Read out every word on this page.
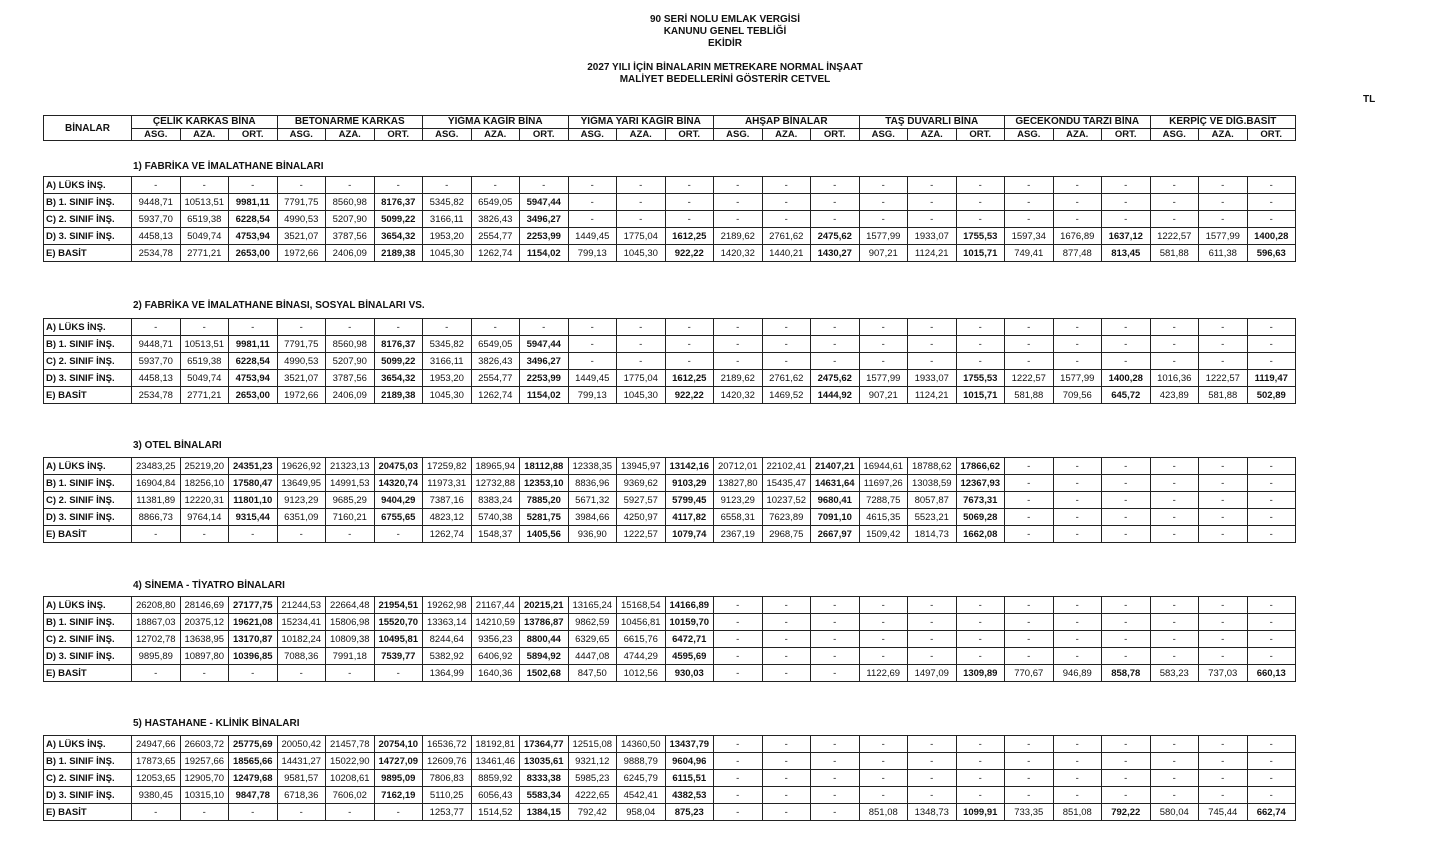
90 SERİ NOLU EMLAK VERGİSİ
KANUNU GENEL TEBLİĞİ
EKİDİR
2027 YILI İÇİN BİNALARIN METREKARE NORMAL İNŞAAT
MALİYET BEDELLERİNİ GÖSTERİR CETVEL
TL
BİNALAR	ÇELİK KARKAS BİNA			BETONARME KARKAS			YIĞMA KAGİR BİNA			YIĞMA YARI KAGİR BİNA			AHŞAP BİNALAR			TAŞ DUVARLI BİNA			GECEKONDU TARZI BİNA			KERPİÇ VE DİĞ.BASİT		
	ASG.	AZA.	ORT.	ASG.	AZA.	ORT.	ASG.	AZA.	ORT.	ASG.	AZA.	ORT.	ASG.	AZA.	ORT.	ASG.	AZA.	ORT.	ASG.	AZA.	ORT.	ASG.	AZA.	ORT.
1) FABRİKA VE İMALATHANE BİNALARI
A) LÜKS İNŞ.	-	-	-	-	-	-	-	-	-	-	-	-	-	-	-	-	-	-	-	-	-	-	-	-
B) 1. SINIF İNŞ.	9448,71	10513,51	9981,11	7791,75	8560,98	8176,37	5345,82	6549,05	5947,44	-	-	-	-	-	-	-	-	-	-	-	-	-	-	-
C) 2. SINIF İNŞ.	5937,70	6519,38	6228,54	4990,53	5207,90	5099,22	3166,11	3826,43	3496,27	-	-	-	-	-	-	-	-	-	-	-	-	-	-	-
D) 3. SINIF İNŞ.	4458,13	5049,74	4753,94	3521,07	3787,56	3654,32	1953,20	2554,77	2253,99	1449,45	1775,04	1612,25	2189,62	2761,62	2475,62	1577,99	1933,07	1755,53	1597,34	1676,89	1637,12	1222,57	1577,99	1400,28
E) BASİT	2534,78	2771,21	2653,00	1972,66	2406,09	2189,38	1045,30	1262,74	1154,02	799,13	1045,30	922,22	1420,32	1440,21	1430,27	907,21	1124,21	1015,71	749,41	877,48	813,45	581,88	611,38	596,63
2) FABRİKA VE İMALATHANE BİNASI, SOSYAL BİNALARI VS.
A) LÜKS İNŞ.	-	-	-	-	-	-	-	-	-	-	-	-	-	-	-	-	-	-	-	-	-	-	-	-
B) 1. SINIF İNŞ.	9448,71	10513,51	9981,11	7791,75	8560,98	8176,37	5345,82	6549,05	5947,44	-	-	-	-	-	-	-	-	-	-	-	-	-	-	-
C) 2. SINIF İNŞ.	5937,70	6519,38	6228,54	4990,53	5207,90	5099,22	3166,11	3826,43	3496,27	-	-	-	-	-	-	-	-	-	-	-	-	-	-	-
D) 3. SINIF İNŞ.	4458,13	5049,74	4753,94	3521,07	3787,56	3654,32	1953,20	2554,77	2253,99	1449,45	1775,04	1612,25	2189,62	2761,62	2475,62	1577,99	1933,07	1755,53	1222,57	1577,99	1400,28	1016,36	1222,57	1119,47
E) BASİT	2534,78	2771,21	2653,00	1972,66	2406,09	2189,38	1045,30	1262,74	1154,02	799,13	1045,30	922,22	1420,32	1469,52	1444,92	907,21	1124,21	1015,71	581,88	709,56	645,72	423,89	581,88	502,89
3) OTEL BİNALARI
A) LÜKS İNŞ.	23483,25	25219,20	24351,23	19626,92	21323,13	20475,03	17259,82	18965,94	18112,88	12338,35	13945,97	13142,16	20712,01	22102,41	21407,21	16944,61	18788,62	17866,62	-	-	-	-	-	-
B) 1. SINIF İNŞ.	16904,84	18256,10	17580,47	13649,95	14991,53	14320,74	11973,31	12732,88	12353,10	8836,96	9369,62	9103,29	13827,80	15435,47	14631,64	11697,26	13038,59	12367,93	-	-	-	-	-	-
C) 2. SINIF İNŞ.	11381,89	12220,31	11801,10	9123,29	9685,29	9404,29	7387,16	8383,24	7885,20	5671,32	5927,57	5799,45	9123,29	10237,52	9680,41	7288,75	8057,87	7673,31	-	-	-	-	-	-
D) 3. SINIF İNŞ.	8866,73	9764,14	9315,44	6351,09	7160,21	6755,65	4823,12	5740,38	5281,75	3984,66	4250,97	4117,82	6558,31	7623,89	7091,10	4615,35	5523,21	5069,28	-	-	-	-	-	-
E) BASİT	-	-	-	-	-	-	1262,74	1548,37	1405,56	936,90	1222,57	1079,74	2367,19	2968,75	2667,97	1509,42	1814,73	1662,08	-	-	-	-	-	-
4) SİNEMA - TİYATRO BİNALARI
A) LÜKS İNŞ.	26208,80	28146,69	27177,75	21244,53	22664,48	21954,51	19262,98	21167,44	20215,21	13165,24	15168,54	14166,89	-	-	-	-	-	-	-	-	-	-	-	-
B) 1. SINIF İNŞ.	18867,03	20375,12	19621,08	15234,41	15806,98	15520,70	13363,14	14210,59	13786,87	9862,59	10456,81	10159,70	-	-	-	-	-	-	-	-	-	-	-	-
C) 2. SINIF İNŞ.	12702,78	13638,95	13170,87	10182,24	10809,38	10495,81	8244,64	9356,23	8800,44	6329,65	6615,76	6472,71	-	-	-	-	-	-	-	-	-	-	-	-
D) 3. SINIF İNŞ.	9895,89	10897,80	10396,85	7088,36	7991,18	7539,77	5382,92	6406,92	5894,92	4447,08	4744,29	4595,69	-	-	-	-	-	-	-	-	-	-	-	-
E) BASİT	-	-	-	-	-	-	1364,99	1640,36	1502,68	847,50	1012,56	930,03	-	-	-	1122,69	1497,09	1309,89	770,67	946,89	858,78	583,23	737,03	660,13
5) HASTAHANE - KLİNİK BİNALARI
A) LÜKS İNŞ.	24947,66	26603,72	25775,69	20050,42	21457,78	20754,10	16536,72	18192,81	17364,77	12515,08	14360,50	13437,79	-	-	-	-	-	-	-	-	-	-	-	-
B) 1. SINIF İNŞ.	17873,65	19257,66	18565,66	14431,27	15022,90	14727,09	12609,76	13461,46	13035,61	9321,12	9888,79	9604,96	-	-	-	-	-	-	-	-	-	-	-	-
C) 2. SINIF İNŞ.	12053,65	12905,70	12479,68	9581,57	10208,61	9895,09	7806,83	8859,92	8333,38	5985,23	6245,79	6115,51	-	-	-	-	-	-	-	-	-	-	-	-
D) 3. SINIF İNŞ.	9380,45	10315,10	9847,78	6718,36	7606,02	7162,19	5110,25	6056,43	5583,34	4222,65	4542,41	4382,53	-	-	-	-	-	-	-	-	-	-	-	-
E) BASİT	-	-	-	-	-	-	1253,77	1514,52	1384,15	792,42	958,04	875,23	-	-	-	851,08	1348,73	1099,91	733,35	851,08	792,22	580,04	745,44	662,74
